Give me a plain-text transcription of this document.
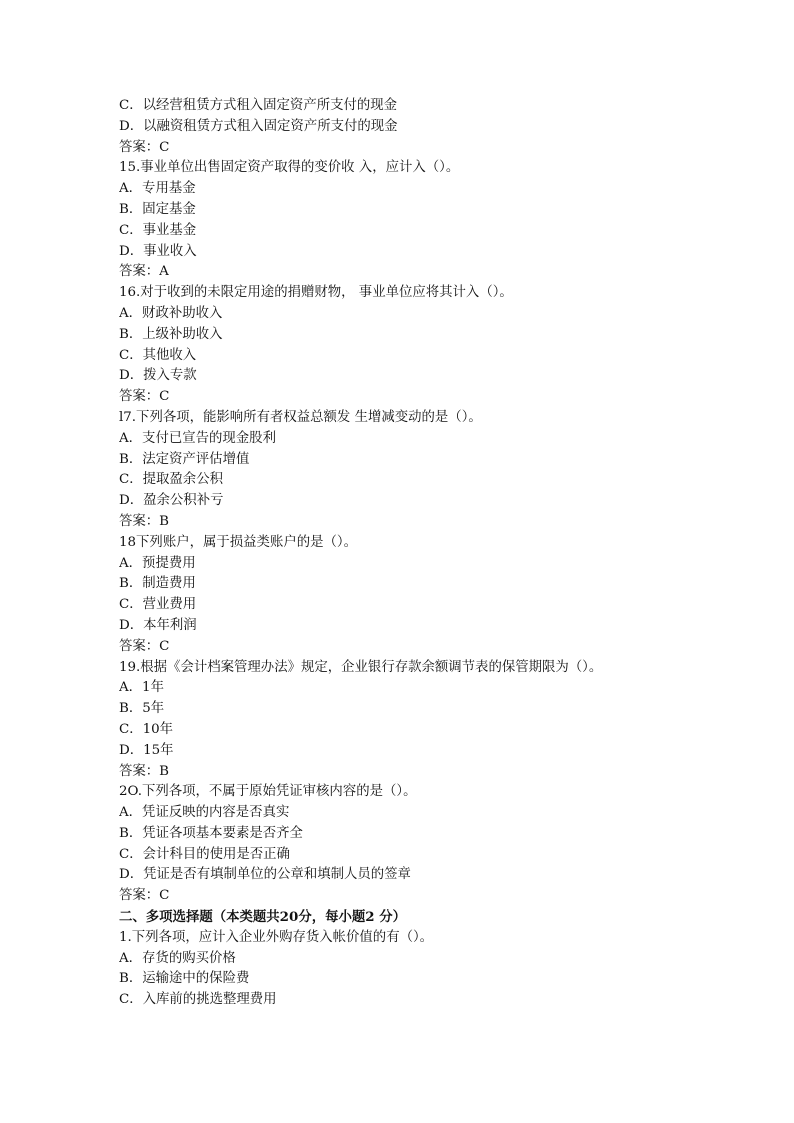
C．以经营租赁方式租入固定资产所支付的现金
D．以融资租赁方式租入固定资产所支付的现金
答案：C
15.事业单位出售固定资产取得的变价收 入，应计入（）。
A．专用基金
B．固定基金
C．事业基金
D．事业收入
答案：A
16.对于收到的未限定用途的捐赠财物， 事业单位应将其计入（）。
A．财政补助收入
B．上级补助收入
C．其他收入
D．拨入专款
答案：C
l7.下列各项，能影响所有者权益总额发 生增减变动的是（）。
A．支付已宣告的现金股利
B．法定资产评估增值
C．提取盈余公积
D．盈余公积补亏
答案：B
18下列账户，属于损益类账户的是（）。
A．预提费用
B．制造费用
C．营业费用
D．本年利润
答案：C
19.根据《会计档案管理办法》规定，企业银行存款余额调节表的保管期限为（）。
A．1年
B．5年
C．10年
D．15年
答案：B
2O.下列各项，不属于原始凭证审核内容的是（）。
A．凭证反映的内容是否真实
B．凭证各项基本要素是否齐全
C．会计科目的使用是否正确
D．凭证是否有填制单位的公章和填制人员的签章
答案：C
二、多项选择题（本类题共20分，每小题2 分）
1.下列各项，应计入企业外购存货入帐价值的有（）。
A．存货的购买价格
B．运输途中的保险费
C．入库前的挑选整理费用
